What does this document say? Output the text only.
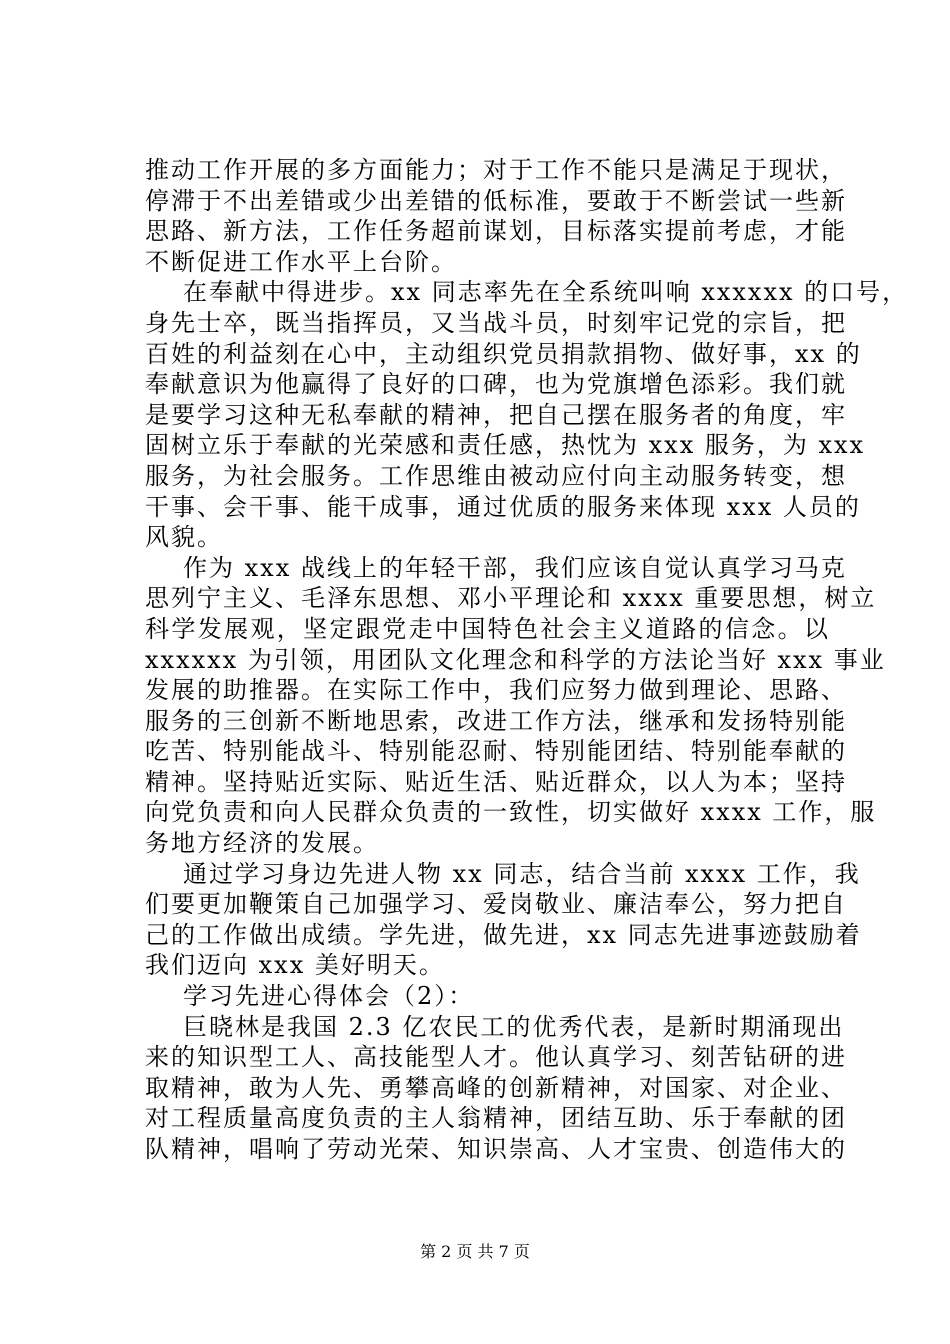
推动工作开展的多方面能力；对于工作不能只是满足于现状，
停滞于不出差错或少出差错的低标准，要敢于不断尝试一些新
思路、新方法，工作任务超前谋划，目标落实提前考虑，才能
不断促进工作水平上台阶。
在奉献中得进步。xx 同志率先在全系统叫响 xxxxxx 的口号，
身先士卒，既当指挥员，又当战斗员，时刻牢记党的宗旨，把
百姓的利益刻在心中，主动组织党员捐款捐物、做好事，xx 的
奉献意识为他赢得了良好的口碑，也为党旗增色添彩。我们就
是要学习这种无私奉献的精神，把自己摆在服务者的角度，牢
固树立乐于奉献的光荣感和责任感，热忱为 xxx 服务，为 xxx
服务，为社会服务。工作思维由被动应付向主动服务转变，想
干事、会干事、能干成事，通过优质的服务来体现 xxx 人员的
风貌。
作为 xxx 战线上的年轻干部，我们应该自觉认真学习马克
思列宁主义、毛泽东思想、邓小平理论和 xxxx 重要思想，树立
科学发展观，坚定跟党走中国特色社会主义道路的信念。以
xxxxxx 为引领，用团队文化理念和科学的方法论当好 xxx 事业
发展的助推器。在实际工作中，我们应努力做到理论、思路、
服务的三创新不断地思索，改进工作方法，继承和发扬特别能
吃苦、特别能战斗、特别能忍耐、特别能团结、特别能奉献的
精神。坚持贴近实际、贴近生活、贴近群众，以人为本；坚持
向党负责和向人民群众负责的一致性，切实做好 xxxx 工作，服
务地方经济的发展。
通过学习身边先进人物 xx 同志，结合当前 xxxx 工作，我
们要更加鞭策自己加强学习、爱岗敬业、廉洁奉公，努力把自
己的工作做出成绩。学先进，做先进，xx 同志先进事迹鼓励着
我们迈向 xxx 美好明天。
学习先进心得体会（2）：
巨晓林是我国 2.3 亿农民工的优秀代表，是新时期涌现出
来的知识型工人、高技能型人才。他认真学习、刻苦钻研的进
取精神，敢为人先、勇攀高峰的创新精神，对国家、对企业、
对工程质量高度负责的主人翁精神，团结互助、乐于奉献的团
队精神，唱响了劳动光荣、知识崇高、人才宝贵、创造伟大的
第 2 页 共 7 页
